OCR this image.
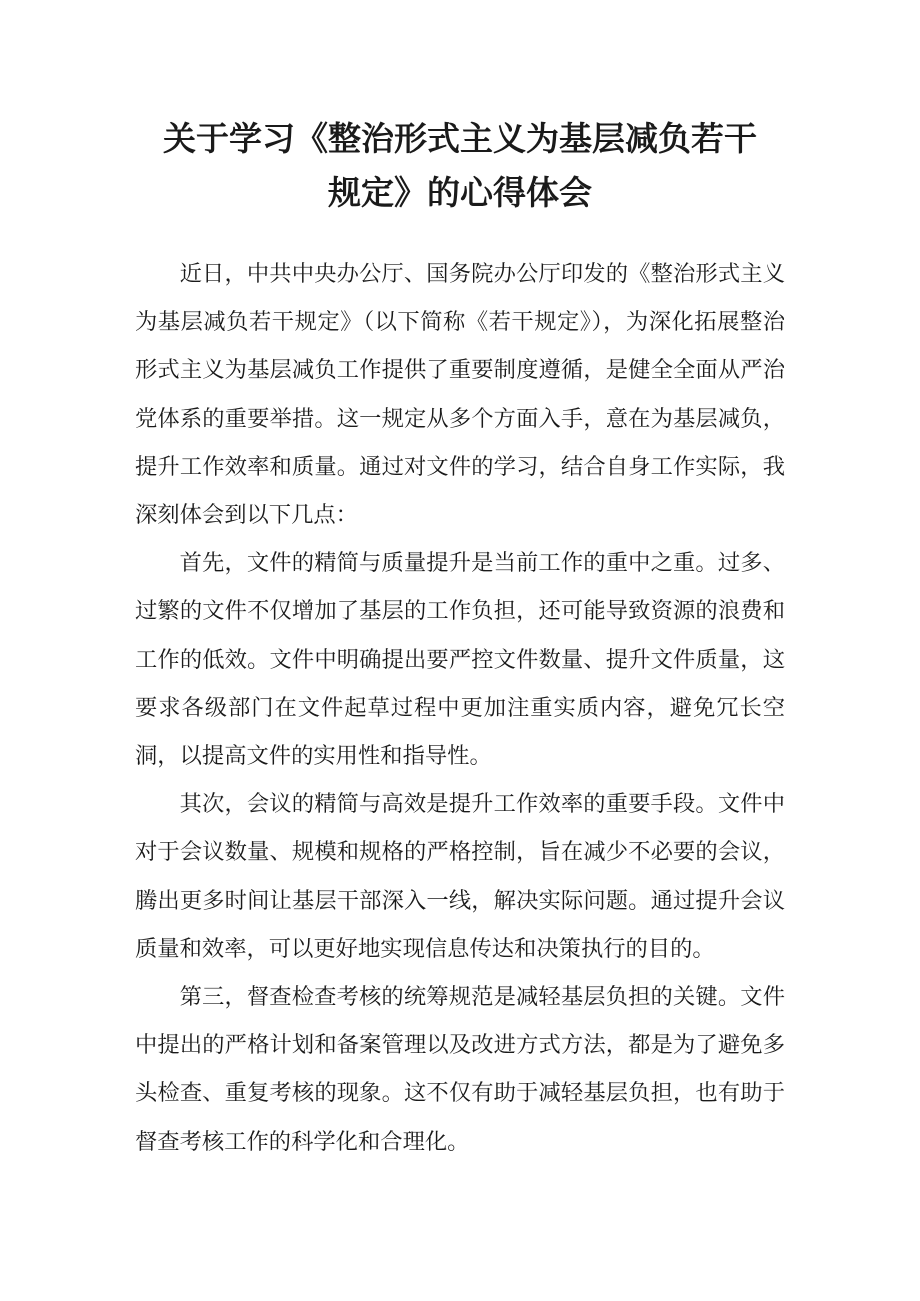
关于学习《整治形式主义为基层减负若干
规定》的心得体会

近日，中共中央办公厅、国务院办公厅印发的《整治形式主义为基层减负若干规定》（以下简称《若干规定》），为深化拓展整治形式主义为基层减负工作提供了重要制度遵循，是健全全面从严治党体系的重要举措。这一规定从多个方面入手，意在为基层减负，提升工作效率和质量。通过对文件的学习，结合自身工作实际，我深刻体会到以下几点：

首先，文件的精简与质量提升是当前工作的重中之重。过多、过繁的文件不仅增加了基层的工作负担，还可能导致资源的浪费和工作的低效。文件中明确提出要严控文件数量、提升文件质量，这要求各级部门在文件起草过程中更加注重实质内容，避免冗长空洞，以提高文件的实用性和指导性。

其次，会议的精简与高效是提升工作效率的重要手段。文件中对于会议数量、规模和规格的严格控制，旨在减少不必要的会议，腾出更多时间让基层干部深入一线，解决实际问题。通过提升会议质量和效率，可以更好地实现信息传达和决策执行的目的。

第三，督查检查考核的统筹规范是减轻基层负担的关键。文件中提出的严格计划和备案管理以及改进方式方法，都是为了避免多头检查、重复考核的现象。这不仅有助于减轻基层负担，也有助于督查考核工作的科学化和合理化。
